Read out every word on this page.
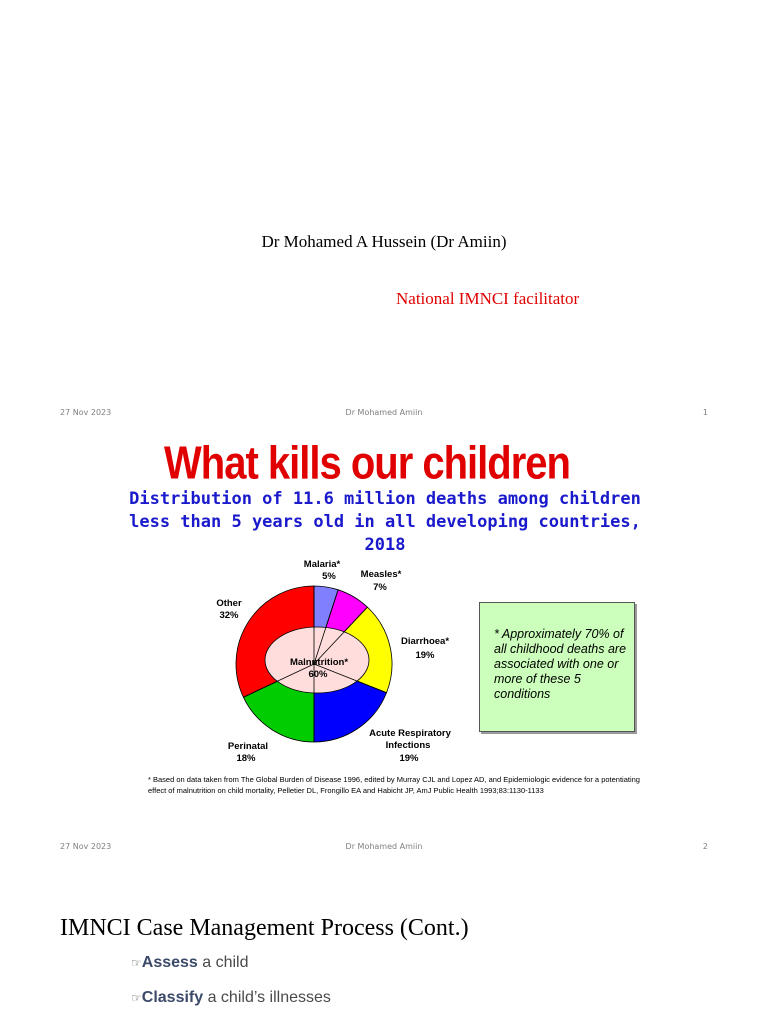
Dr Mohamed A Hussein (Dr Amiin)
National IMNCI facilitator
27 Nov 2023	Dr Mohamed Amiin	1
What kills our children
Distribution of 11.6 million deaths among children less than 5 years old in all developing countries, 2018
Malaria*
5%	Measles*
7%
Diarrhoea*
19%
Acute Respiratory
Infections
19%
Perinatal
18%
Other
32%
Malnutrition*
60%
* Approximately 70% of all childhood deaths are associated with one or more of these 5 conditions
* Based on data taken from The Global Burden of Disease 1996, edited by Murray CJL and Lopez AD, and Epidemiologic evidence for a potentiating effect of malnutrition on child mortality, Pelletier DL, Frongillo EA and Habicht JP, AmJ Public Health 1993;83:1130-1133
27 Nov 2023	Dr Mohamed Amiin	2
IMNCI Case Management Process (Cont.)
☞Assess a child
☞Classify a child’s illnesses
